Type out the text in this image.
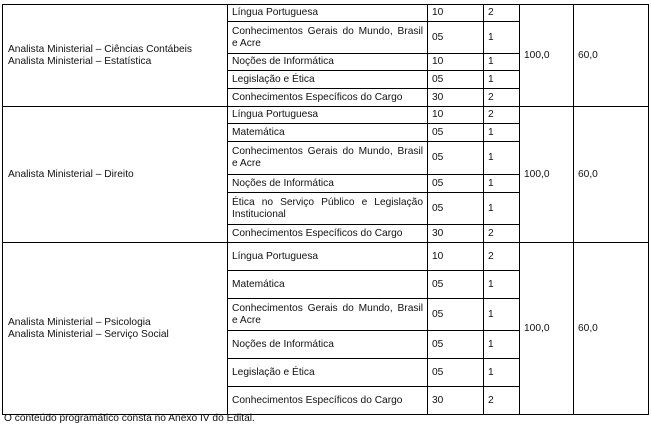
Analista Ministerial – Ciências Contábeis
Analista Ministerial – Estatística	Língua Portuguesa	10	2	100,0	60,0
	Conhecimentos Gerais do Mundo, Brasil e Acre	05	1		
	Noções de Informática	10	1		
	Legislação e Ética	05	1		
	Conhecimentos Específicos do Cargo	30	2		

Analista Ministerial – Direito	Língua Portuguesa	10	2	100,0	60,0
	Matemática	05	1		
	Conhecimentos Gerais do Mundo, Brasil e Acre	05	1		
	Noções de Informática	05	1		
	Ética no Serviço Público e Legislação Institucional	05	1		
	Conhecimentos Específicos do Cargo	30	2		

Analista Ministerial – Psicologia
Analista Ministerial – Serviço Social	Língua Portuguesa	10	2	100,0	60,0
	Matemática	05	1		
	Conhecimentos Gerais do Mundo, Brasil e Acre	05	1		
	Noções de Informática	05	1		
	Legislação e Ética	05	1		
	Conhecimentos Específicos do Cargo	30	2		
O conteúdo programático consta no Anexo IV do Edital.
